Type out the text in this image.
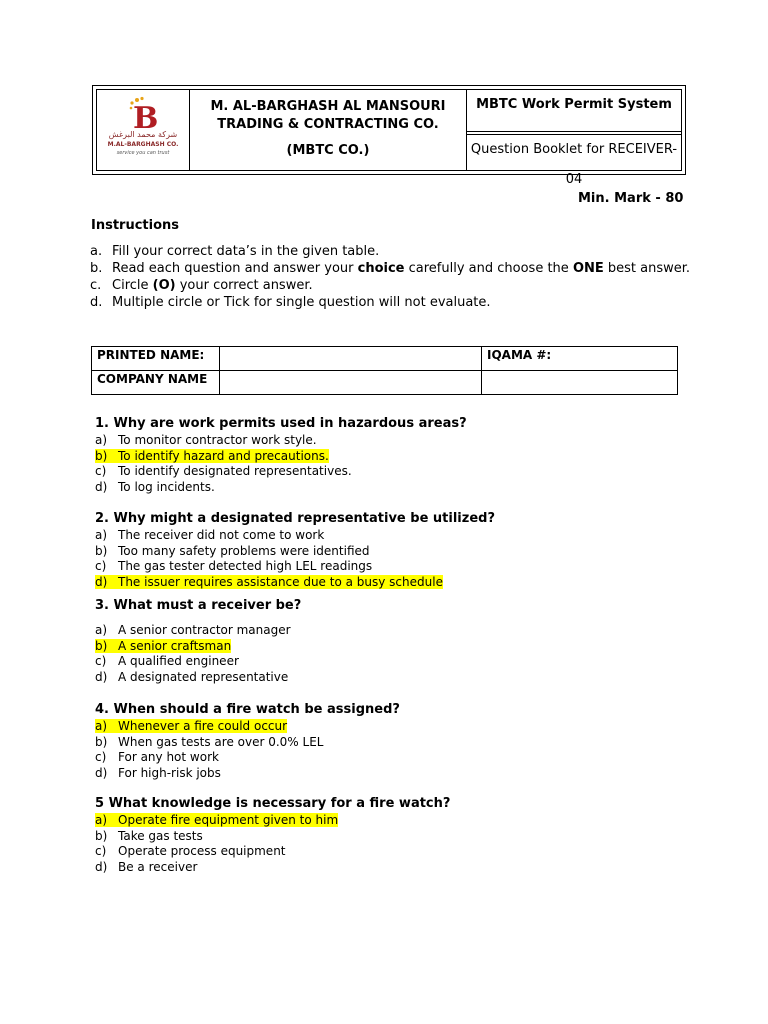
B
شركة محمد البرغش
M.AL-BARGHASH CO.
service you can trust
M. AL-BARGHASH AL MANSOURI
TRADING & CONTRACTING CO.
(MBTC CO.)
MBTC Work Permit System
Question Booklet for RECEIVER-04
Min. Mark - 80
Instructions
a. Fill your correct data’s in the given table.
b. Read each question and answer your choice carefully and choose the ONE best answer.
c. Circle (O) your correct answer.
d. Multiple circle or Tick for single question will not evaluate.
PRINTED NAME:		IQAMA #:
COMPANY NAME		
1. Why are work permits used in hazardous areas?
a) To monitor contractor work style.
b) To identify hazard and precautions.
c) To identify designated representatives.
d) To log incidents.
2. Why might a designated representative be utilized?
a) The receiver did not come to work
b) Too many safety problems were identified
c) The gas tester detected high LEL readings
d) The issuer requires assistance due to a busy schedule
3. What must a receiver be?
a) A senior contractor manager
b) A senior craftsman
c) A qualified engineer
d) A designated representative
4. When should a fire watch be assigned?
a) Whenever a fire could occur
b) When gas tests are over 0.0% LEL
c) For any hot work
d) For high-risk jobs
5 What knowledge is necessary for a fire watch?
a) Operate fire equipment given to him
b) Take gas tests
c) Operate process equipment
d) Be a receiver
